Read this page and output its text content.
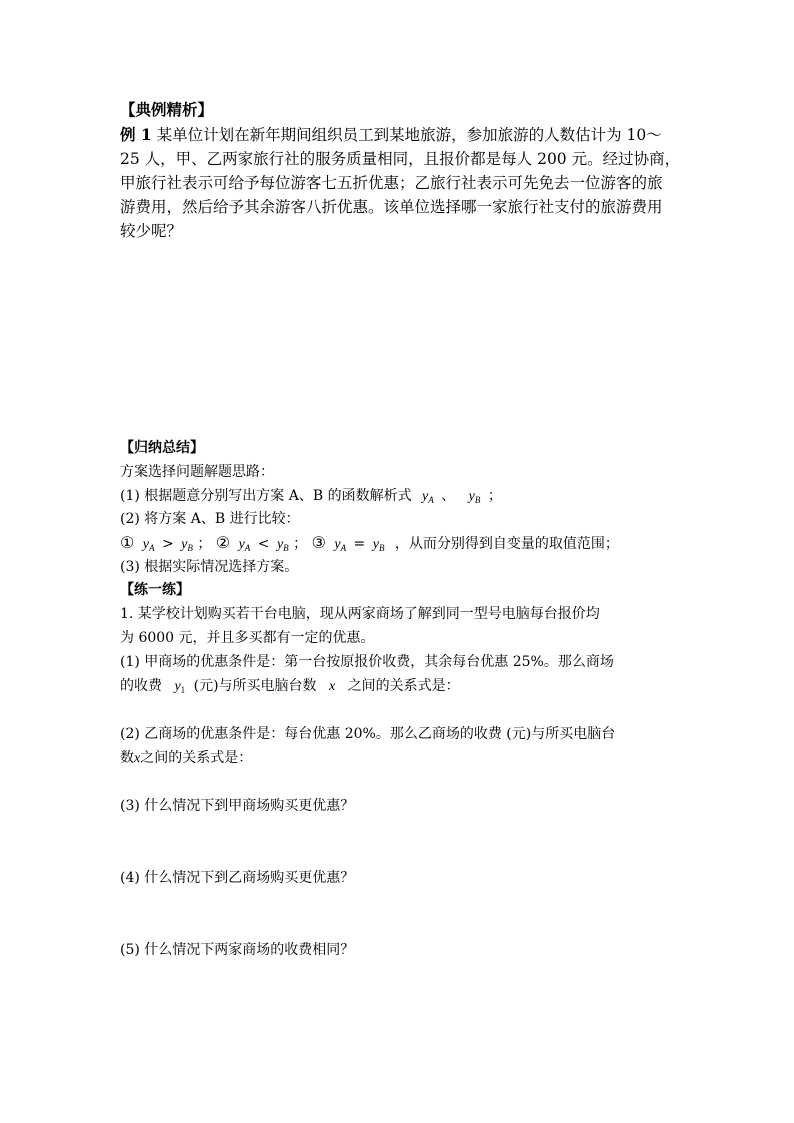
【典例精析】
例 1 某单位计划在新年期间组织员工到某地旅游，参加旅游的人数估计为 10～
25 人，甲、乙两家旅行社的服务质量相同，且报价都是每人 200 元。经过协商，
甲旅行社表示可给予每位游客七五折优惠；乙旅行社表示可先免去一位游客的旅
游费用，然后给予其余游客八折优惠。该单位选择哪一家旅行社支付的旅游费用
较少呢？
【归纳总结】
方案选择问题解题思路：
(1) 根据题意分别写出方案 A、B 的函数解析式 $y_A$ 、 $y_B$ ；
(2) 将方案 A、B 进行比较：
① $y_A > y_B$ ； ② $y_A < y_B$ ； ③ $y_A = y_B$ ，从而分别得到自变量的取值范围；
(3) 根据实际情况选择方案。
【练一练】
1. 某学校计划购买若干台电脑，现从两家商场了解到同一型号电脑每台报价均
为 6000 元，并且多买都有一定的优惠。
(1) 甲商场的优惠条件是：第一台按原报价收费，其余每台优惠 25%。那么商场
的收费 $y_1$ (元)与所买电脑台数 x 之间的关系式是：
(2) 乙商场的优惠条件是：每台优惠 20%。那么乙商场的收费 (元)与所买电脑台
数x之间的关系式是：
(3) 什么情况下到甲商场购买更优惠？
(4) 什么情况下到乙商场购买更优惠？
(5) 什么情况下两家商场的收费相同？
